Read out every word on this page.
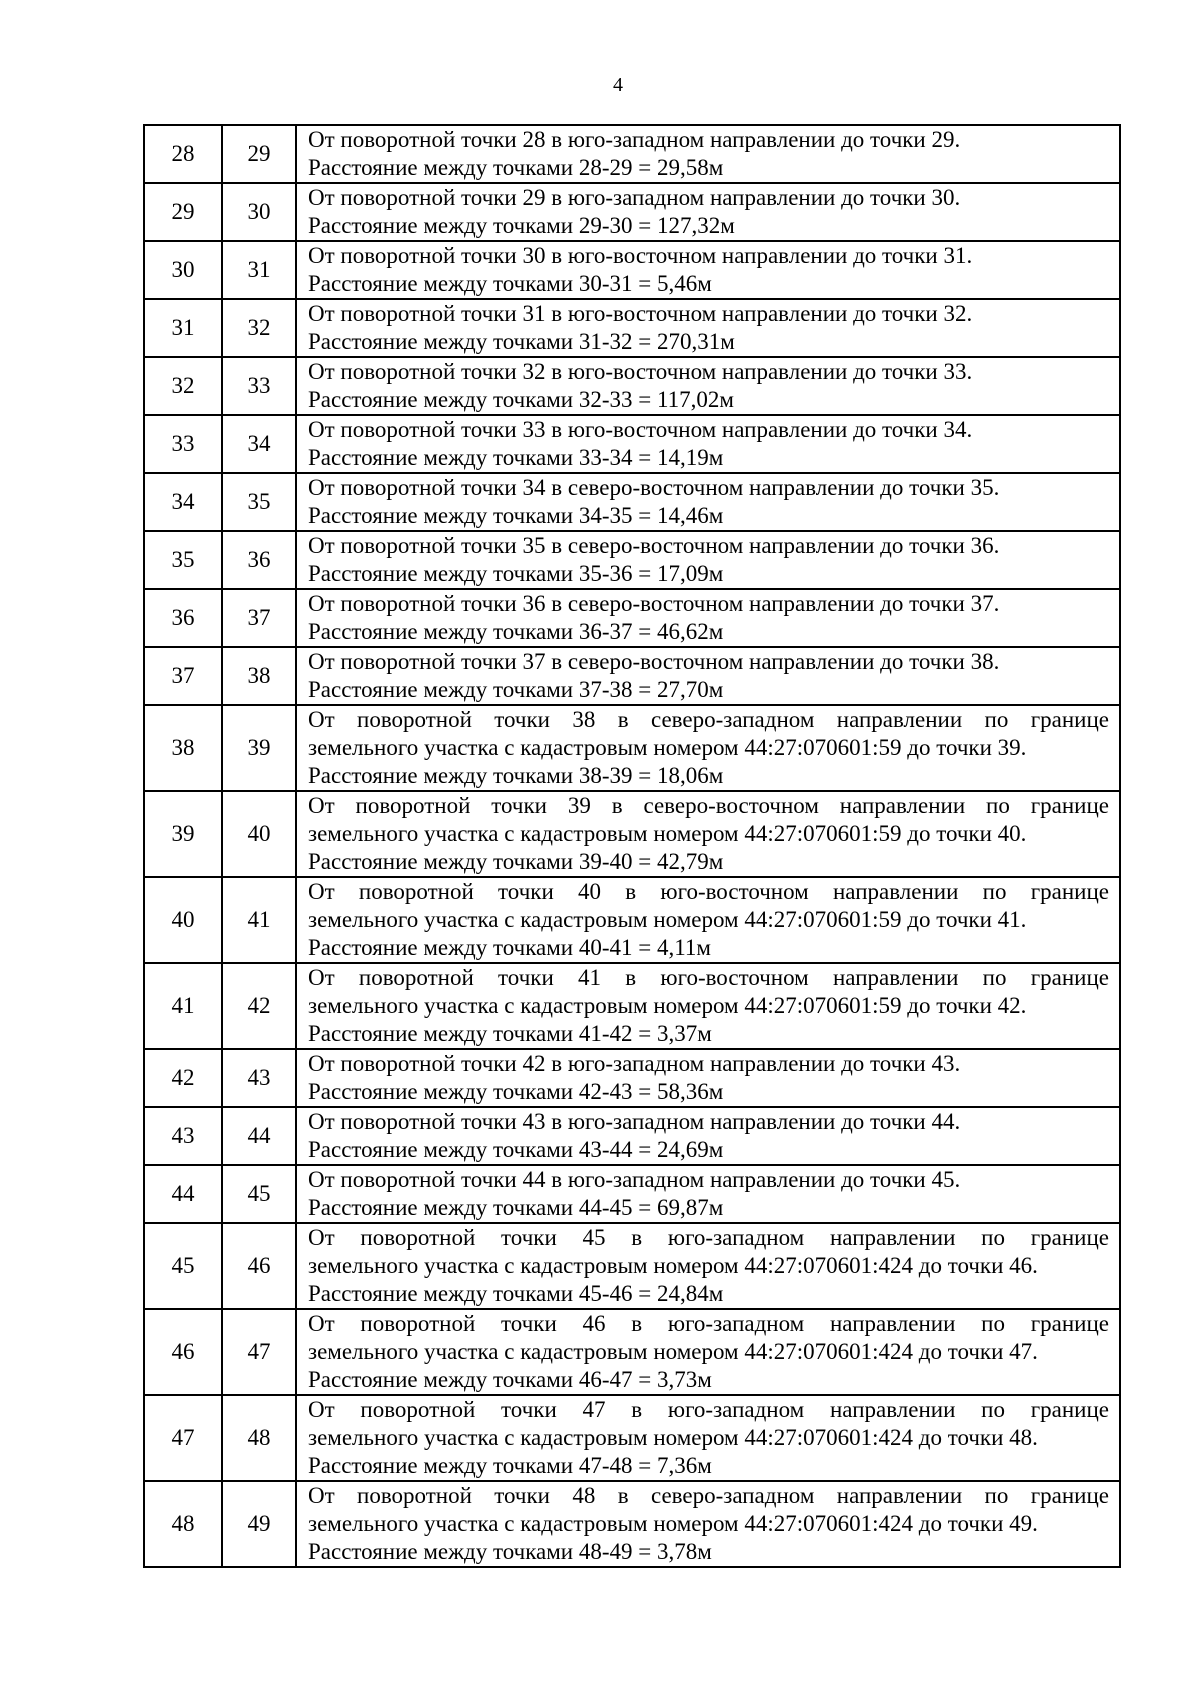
4
28	29	От поворотной точки 28 в юго-западном направлении до точки 29.
Расстояние между точками 28-29 = 29,58м

29	30	От поворотной точки 29 в юго-западном направлении до точки 30.
Расстояние между точками 29-30 = 127,32м

30	31	От поворотной точки 30 в юго-восточном направлении до точки 31.
Расстояние между точками 30-31 = 5,46м

31	32	От поворотной точки 31 в юго-восточном направлении до точки 32.
Расстояние между точками 31-32 = 270,31м

32	33	От поворотной точки 32 в юго-восточном направлении до точки 33.
Расстояние между точками 32-33 = 117,02м

33	34	От поворотной точки 33 в юго-восточном направлении до точки 34.
Расстояние между точками 33-34 = 14,19м

34	35	От поворотной точки 34 в северо-восточном направлении до точки 35.
Расстояние между точками 34-35 = 14,46м

35	36	От поворотной точки 35 в северо-восточном направлении до точки 36.
Расстояние между точками 35-36 = 17,09м

36	37	От поворотной точки 36 в северо-восточном направлении до точки 37.
Расстояние между точками 36-37 = 46,62м

37	38	От поворотной точки 37 в северо-восточном направлении до точки 38.
Расстояние между точками 37-38 = 27,70м

38	39	От поворотной точки 38 в северо-западном направлении по границе
земельного участка с кадастровым номером 44:27:070601:59 до точки 39.
Расстояние между точками 38-39 = 18,06м

39	40	От поворотной точки 39 в северо-восточном направлении по границе
земельного участка с кадастровым номером 44:27:070601:59 до точки 40.
Расстояние между точками 39-40 = 42,79м

40	41	От поворотной точки 40 в юго-восточном направлении по границе
земельного участка с кадастровым номером 44:27:070601:59 до точки 41.
Расстояние между точками 40-41 = 4,11м

41	42	От поворотной точки 41 в юго-восточном направлении по границе
земельного участка с кадастровым номером 44:27:070601:59 до точки 42.
Расстояние между точками 41-42 = 3,37м

42	43	От поворотной точки 42 в юго-западном направлении до точки 43.
Расстояние между точками 42-43 = 58,36м

43	44	От поворотной точки 43 в юго-западном направлении до точки 44.
Расстояние между точками 43-44 = 24,69м

44	45	От поворотной точки 44 в юго-западном направлении до точки 45.
Расстояние между точками 44-45 = 69,87м

45	46	От поворотной точки 45 в юго-западном направлении по границе
земельного участка с кадастровым номером 44:27:070601:424 до точки 46.
Расстояние между точками 45-46 = 24,84м

46	47	От поворотной точки 46 в юго-западном направлении по границе
земельного участка с кадастровым номером 44:27:070601:424 до точки 47.
Расстояние между точками 46-47 = 3,73м

47	48	От поворотной точки 47 в юго-западном направлении по границе
земельного участка с кадастровым номером 44:27:070601:424 до точки 48.
Расстояние между точками 47-48 = 7,36м

48	49	От поворотной точки 48 в северо-западном направлении по границе
земельного участка с кадастровым номером 44:27:070601:424 до точки 49.
Расстояние между точками 48-49 = 3,78м
